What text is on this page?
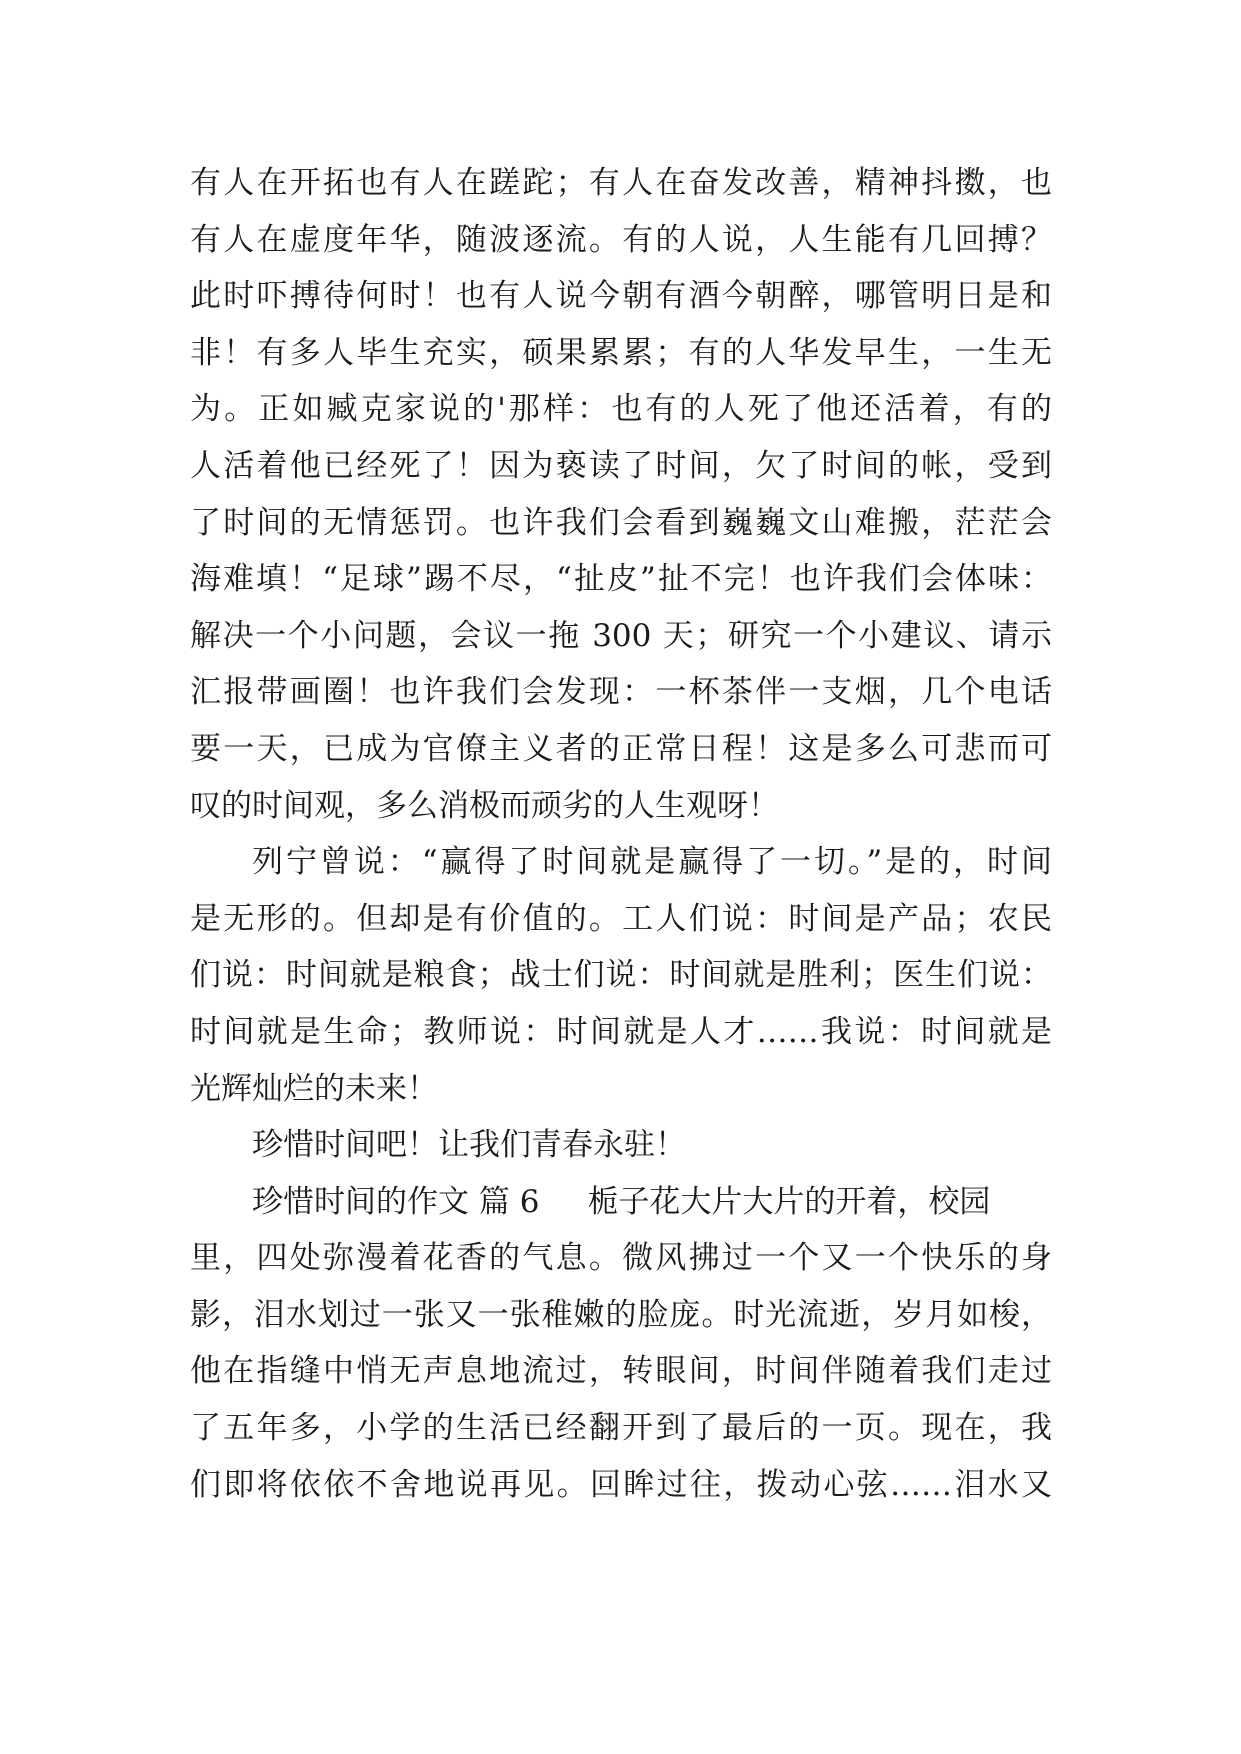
有人在开拓也有人在蹉跎；有人在奋发改善，精神抖擞，也
有人在虚度年华，随波逐流。有的人说，人生能有几回搏？
此时吓搏待何时！也有人说今朝有酒今朝醉，哪管明日是和
非！有多人毕生充实，硕果累累；有的人华发早生，一生无
为。正如臧克家说的'那样：也有的人死了他还活着，有的
人活着他已经死了！因为亵读了时间，欠了时间的帐，受到
了时间的无情惩罚。也许我们会看到巍巍文山难搬，茫茫会
海难填！“足球”踢不尽，“扯皮”扯不完！也许我们会体味：
解决一个小问题，会议一拖 300 天；研究一个小建议、请示
汇报带画圈！也许我们会发现：一杯茶伴一支烟，几个电话
要一天，已成为官僚主义者的正常日程！这是多么可悲而可
叹的时间观，多么消极而顽劣的人生观呀！
列宁曾说：“赢得了时间就是赢得了一切。”是的，时间
是无形的。但却是有价值的。工人们说：时间是产品；农民
们说：时间就是粮食；战士们说：时间就是胜利；医生们说：
时间就是生命；教师说：时间就是人才……我说：时间就是
光辉灿烂的未来！
珍惜时间吧！让我们青春永驻！
珍惜时间的作文 篇 6 栀子花大片大片的开着，校园
里，四处弥漫着花香的气息。微风拂过一个又一个快乐的身
影，泪水划过一张又一张稚嫩的脸庞。时光流逝，岁月如梭，
他在指缝中悄无声息地流过，转眼间，时间伴随着我们走过
了五年多，小学的生活已经翻开到了最后的一页。现在，我
们即将依依不舍地说再见。回眸过往，拨动心弦……泪水又
